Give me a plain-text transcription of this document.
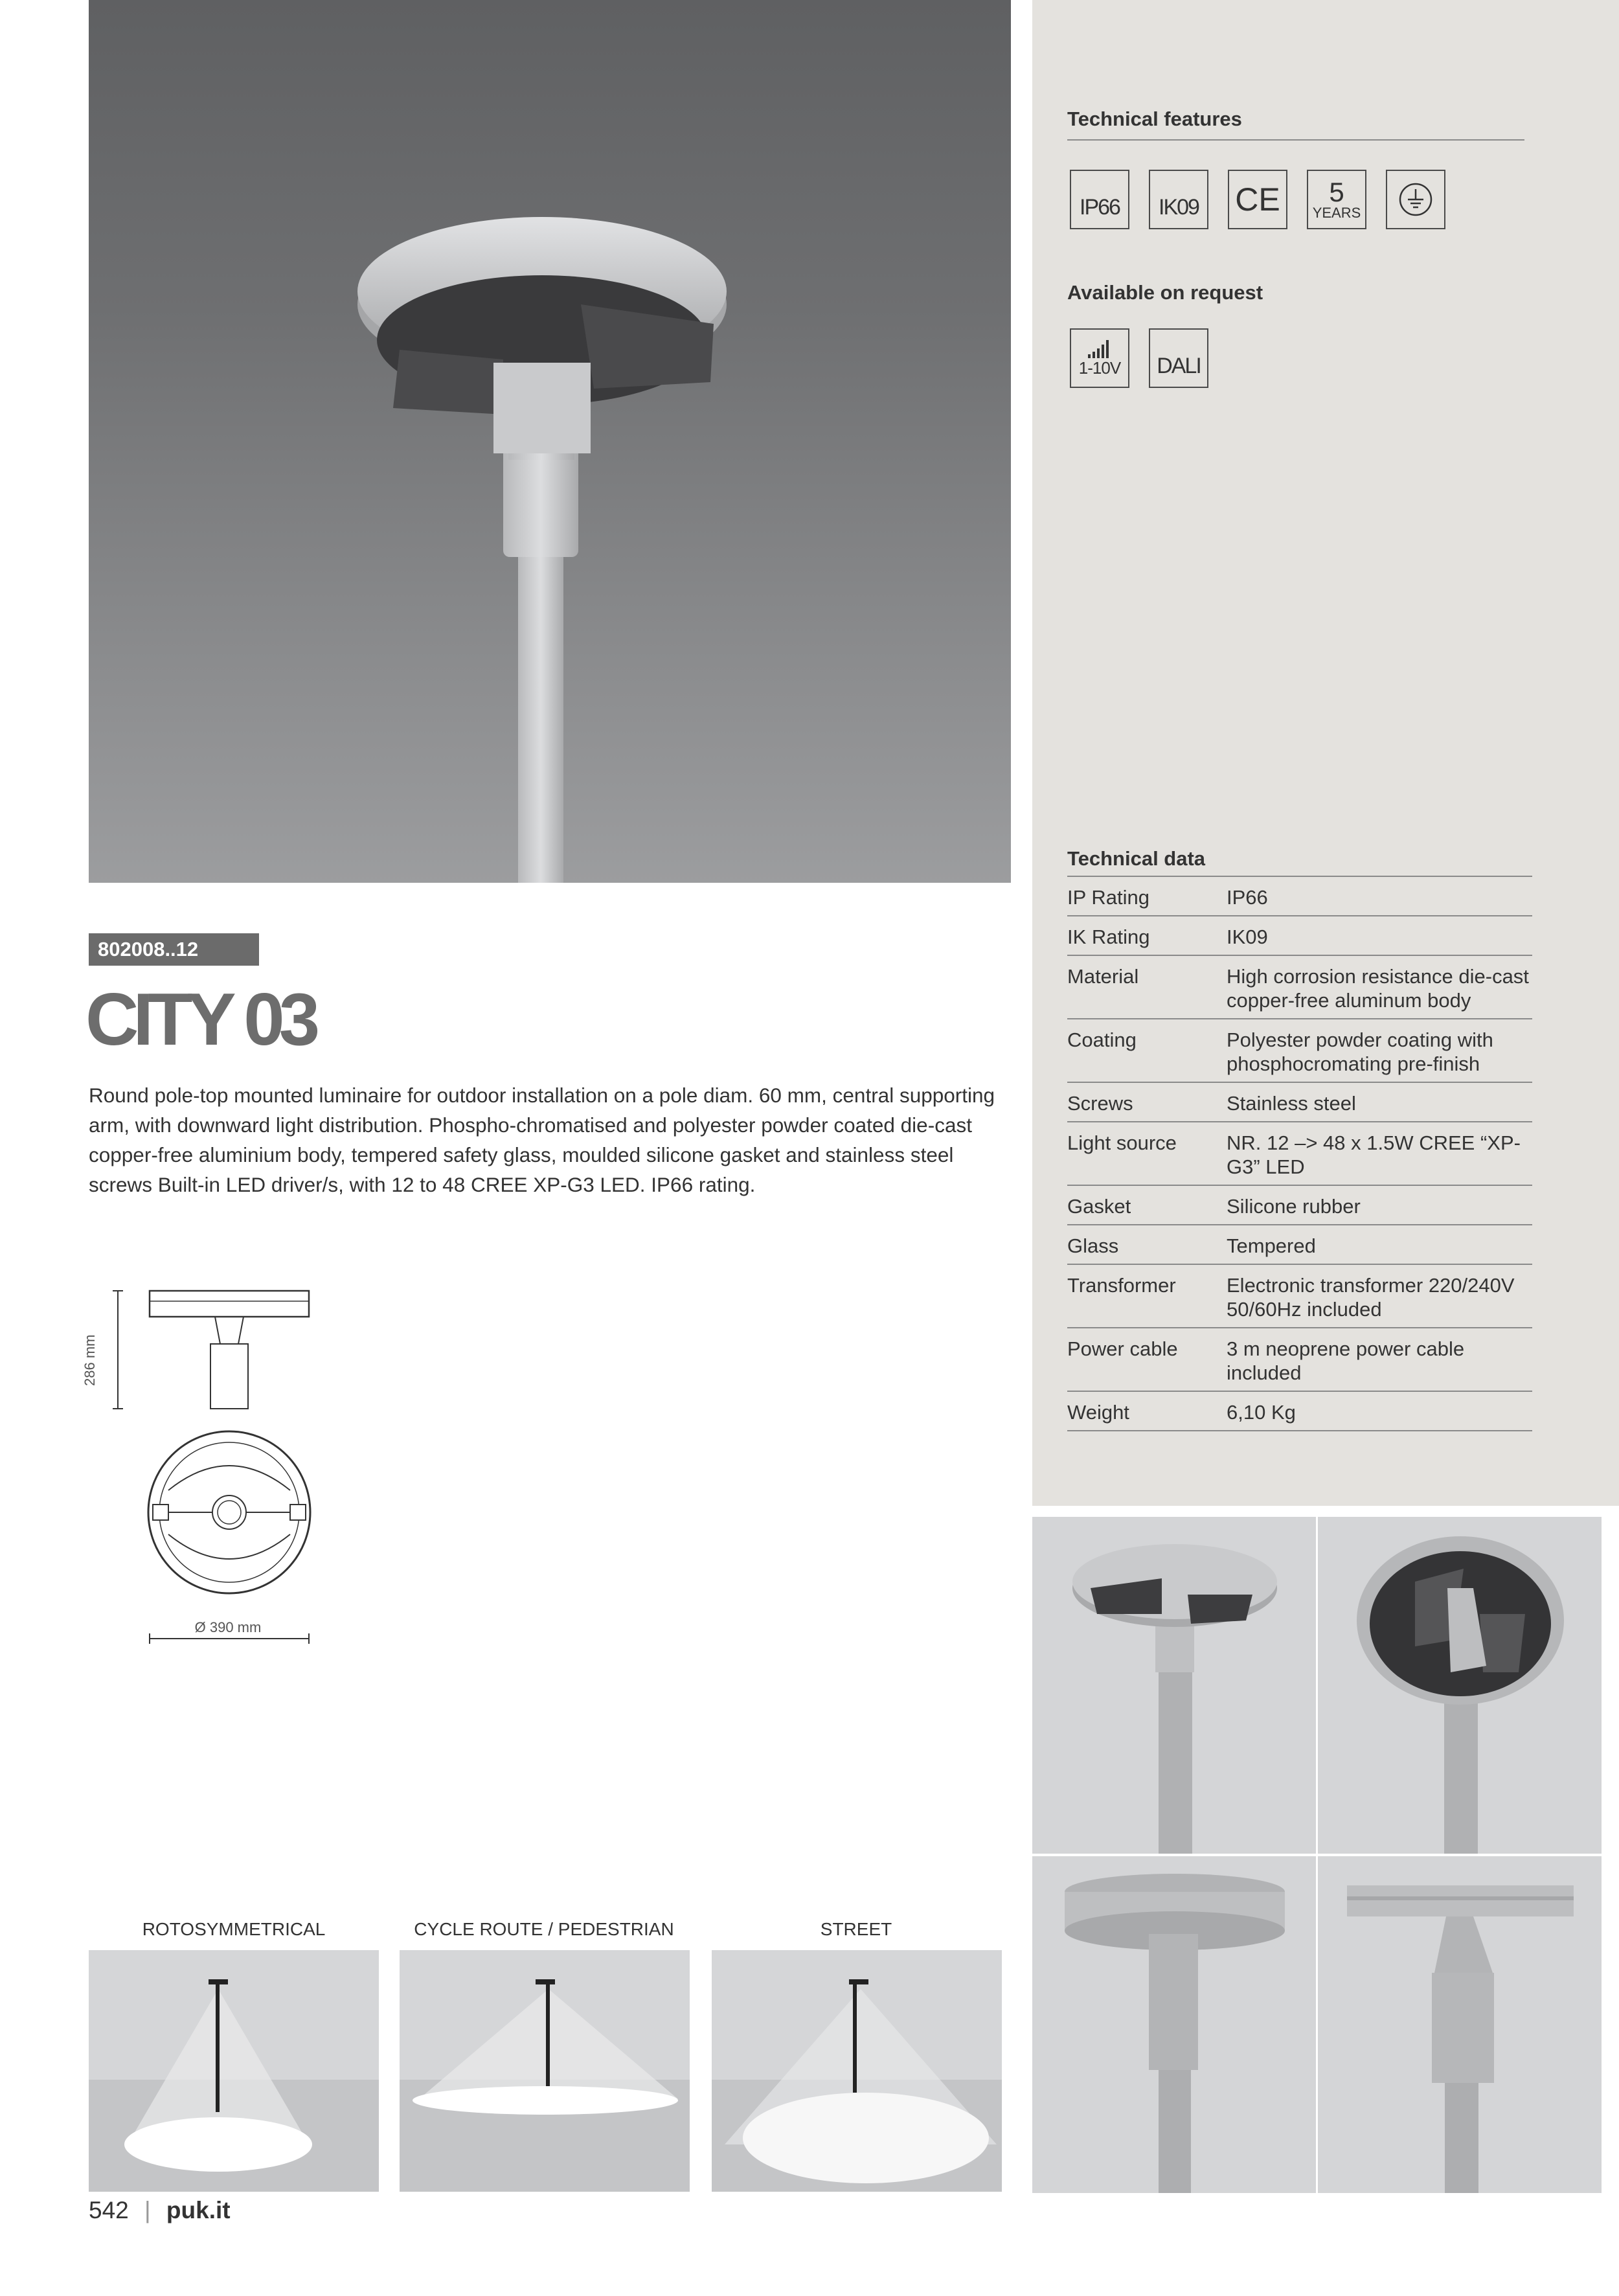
Technical features
IP66 IK09 CE 5
YEARS
Available on request
1-10V DALI
Technical data
IP Rating	IP66
IK Rating	IK09
Material	High corrosion resistance die-cast copper-free aluminum body
Coating	Polyester powder coating with phosphocromating pre-finish
Screws	Stainless steel
Light source	NR. 12 –> 48 x 1.5W CREE “XP-G3” LED
Gasket	Silicone rubber
Glass	Tempered
Transformer	Electronic transformer 220/240V 50/60Hz included
Power cable	3 m neoprene power cable included
Weight	6,10 Kg
802008..12
CITY 03
Round pole-top mounted luminaire for outdoor installation on a pole diam. 60 mm, central supporting arm, with downward light distribution. Phospho-chromatised and polyester powder coated die-cast copper-free aluminium body, tempered safety glass, moulded silicone gasket and stainless steel screws Built-in LED driver/s, with 12 to 48 CREE XP-G3 LED. IP66 rating.
286 mm
Ø 390 mm
ROTOSYMMETRICAL	CYCLE ROUTE / PEDESTRIAN	STREET
542 | puk.it
